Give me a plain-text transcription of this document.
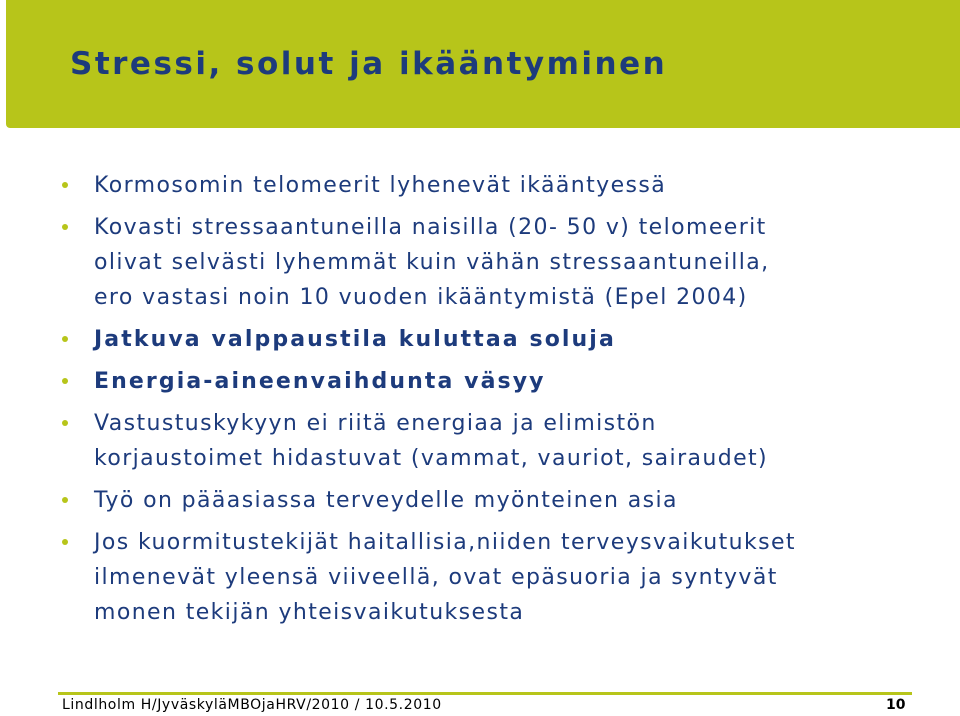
Stressi, solut ja ikääntyminen
Kormosomin telomeerit lyhenevät ikääntyessä
Kovasti stressaantuneilla naisilla (20- 50 v) telomeerit
olivat selvästi lyhemmät kuin vähän stressaantuneilla,
ero vastasi noin 10 vuoden ikääntymistä (Epel 2004)
Jatkuva valppaustila kuluttaa soluja
Energia-aineenvaihdunta väsyy
Vastustuskykyyn ei riitä energiaa ja elimistön
korjaustoimet hidastuvat (vammat, vauriot, sairaudet)
Työ on pääasiassa terveydelle myönteinen asia
Jos kuormitustekijät haitallisia,niiden terveysvaikutukset
ilmenevät yleensä viiveellä, ovat epäsuoria ja syntyvät
monen tekijän yhteisvaikutuksesta
Lindlholm H/JyväskyläMBOjaHRV/2010 / 10.5.2010	10
